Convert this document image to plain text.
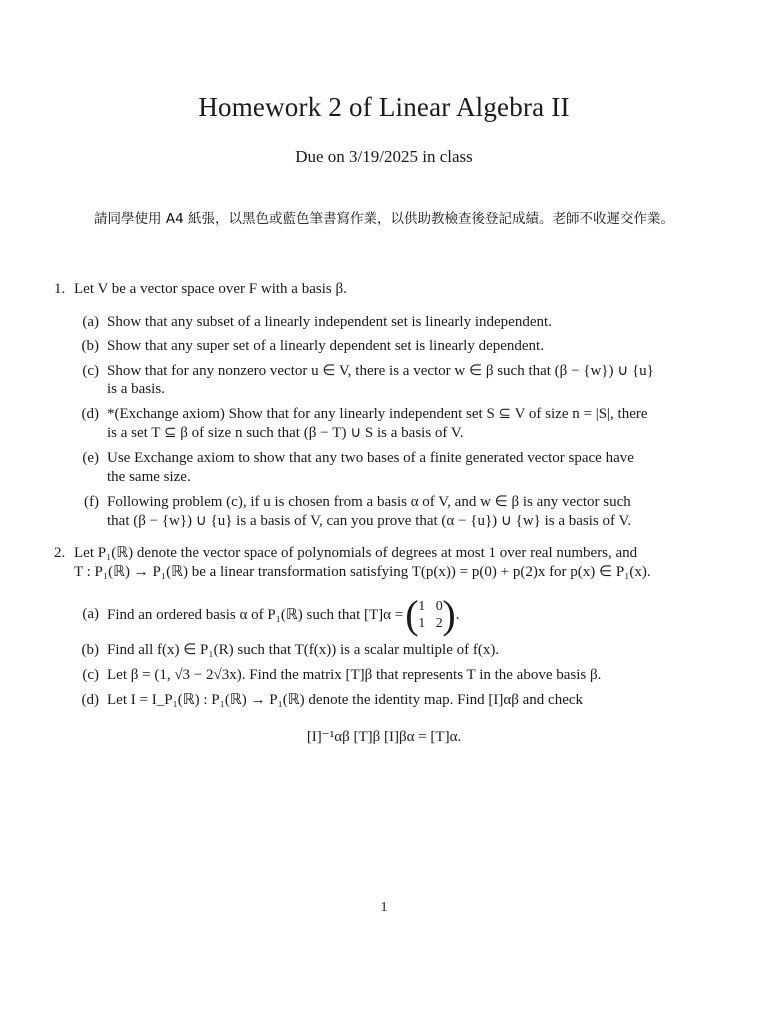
Homework 2 of Linear Algebra II
Due on 3/19/2025 in class
請同學使用 A4 紙張，以黑色或藍色筆書寫作業，以供助教檢查後登記成績。老師不收遲交作業。
1. Let V be a vector space over F with a basis β.
(a) Show that any subset of a linearly independent set is linearly independent.
(b) Show that any super set of a linearly dependent set is linearly dependent.
(c) Show that for any nonzero vector u ∈ V, there is a vector w ∈ β such that (β − {w}) ∪ {u}
is a basis.
(d) *(Exchange axiom) Show that for any linearly independent set S ⊆ V of size n = |S|, there
is a set T ⊆ β of size n such that (β − T) ∪ S is a basis of V.
(e) Use Exchange axiom to show that any two bases of a finite generated vector space have
the same size.
(f) Following problem (c), if u is chosen from a basis α of V, and w ∈ β is any vector such
that (β − {w}) ∪ {u} is a basis of V, can you prove that (α − {u}) ∪ {w} is a basis of V.
2. Let P₁(ℝ) denote the vector space of polynomials of degrees at most 1 over real numbers, and
T : P₁(ℝ) → P₁(ℝ) be a linear transformation satisfying T(p(x)) = p(0) + p(2)x for p(x) ∈ P₁(x).
(a) Find an ordered basis α of P₁(ℝ) such that [T]α = ( 1 0
1 2 ) .
(b) Find all f(x) ∈ P₁(R) such that T(f(x)) is a scalar multiple of f(x).
(c) Let β = (1, √3 − 2√3x). Find the matrix [T]β that represents T in the above basis β.
(d) Let I = I_P₁(ℝ) : P₁(ℝ) → P₁(ℝ) denote the identity map. Find [I]αβ and check
[I]⁻¹αβ [T]β [I]βα = [T]α.
1
